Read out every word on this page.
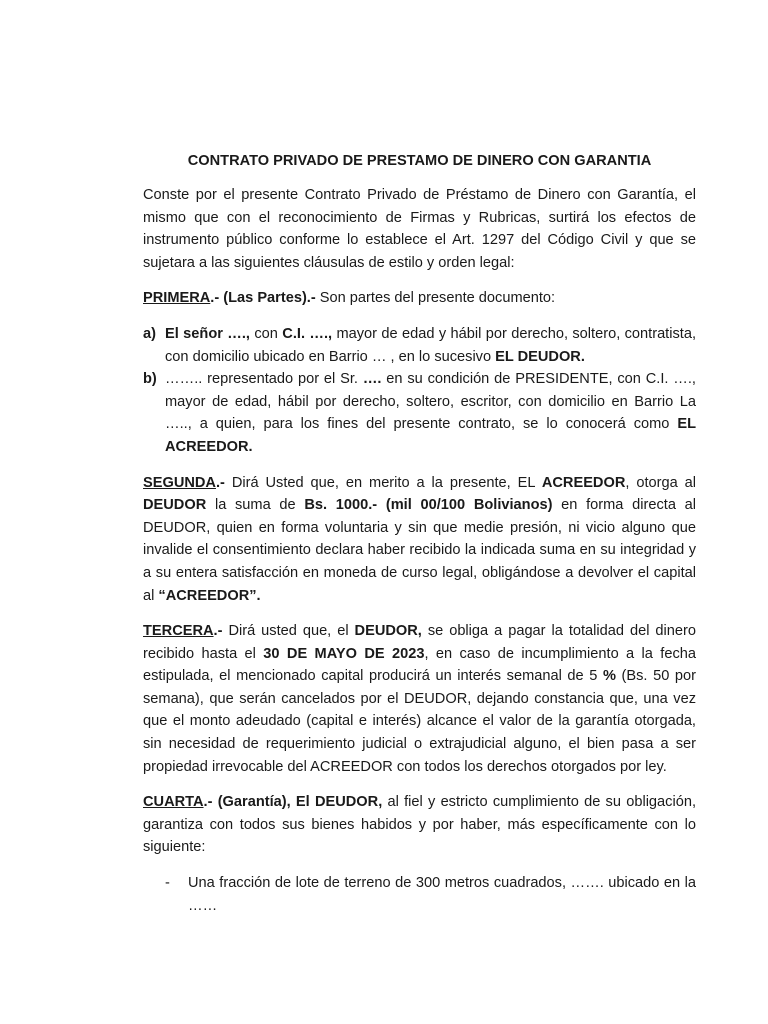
CONTRATO PRIVADO DE PRESTAMO DE DINERO CON GARANTIA

Conste por el presente Contrato Privado de Préstamo de Dinero con Garantía, el mismo que con el reconocimiento de Firmas y Rubricas, surtirá los efectos de instrumento público conforme lo establece el Art. 1297 del Código Civil y que se sujetara a las siguientes cláusulas de estilo y orden legal:

PRIMERA.- (Las Partes).- Son partes del presente documento:

a) El señor …., con C.I. …., mayor de edad y hábil por derecho, soltero, contratista, con domicilio ubicado en Barrio … , en lo sucesivo EL DEUDOR.
b) …….. representado por el Sr. …. en su condición de PRESIDENTE, con C.I. …., mayor de edad, hábil por derecho, soltero, escritor, con domicilio en Barrio La ….., a quien, para los fines del presente contrato, se lo conocerá como EL ACREEDOR.

SEGUNDA.- Dirá Usted que, en merito a la presente, EL ACREEDOR, otorga al DEUDOR la suma de Bs. 1000.- (mil 00/100 Bolivianos) en forma directa al DEUDOR, quien en forma voluntaria y sin que medie presión, ni vicio alguno que invalide el consentimiento declara haber recibido la indicada suma en su integridad y a su entera satisfacción en moneda de curso legal, obligándose a devolver el capital al “ACREEDOR”.

TERCERA.- Dirá usted que, el DEUDOR, se obliga a pagar la totalidad del dinero recibido hasta el 30 DE MAYO DE 2023, en caso de incumplimiento a la fecha estipulada, el mencionado capital producirá un interés semanal de 5 % (Bs. 50 por semana), que serán cancelados por el DEUDOR, dejando constancia que, una vez que el monto adeudado (capital e interés) alcance el valor de la garantía otorgada, sin necesidad de requerimiento judicial o extrajudicial alguno, el bien pasa a ser propiedad irrevocable del ACREEDOR con todos los derechos otorgados por ley.

CUARTA.- (Garantía), El DEUDOR, al fiel y estricto cumplimiento de su obligación, garantiza con todos sus bienes habidos y por haber, más específicamente con lo siguiente:

- Una fracción de lote de terreno de 300 metros cuadrados, ……. ubicado en la ……
